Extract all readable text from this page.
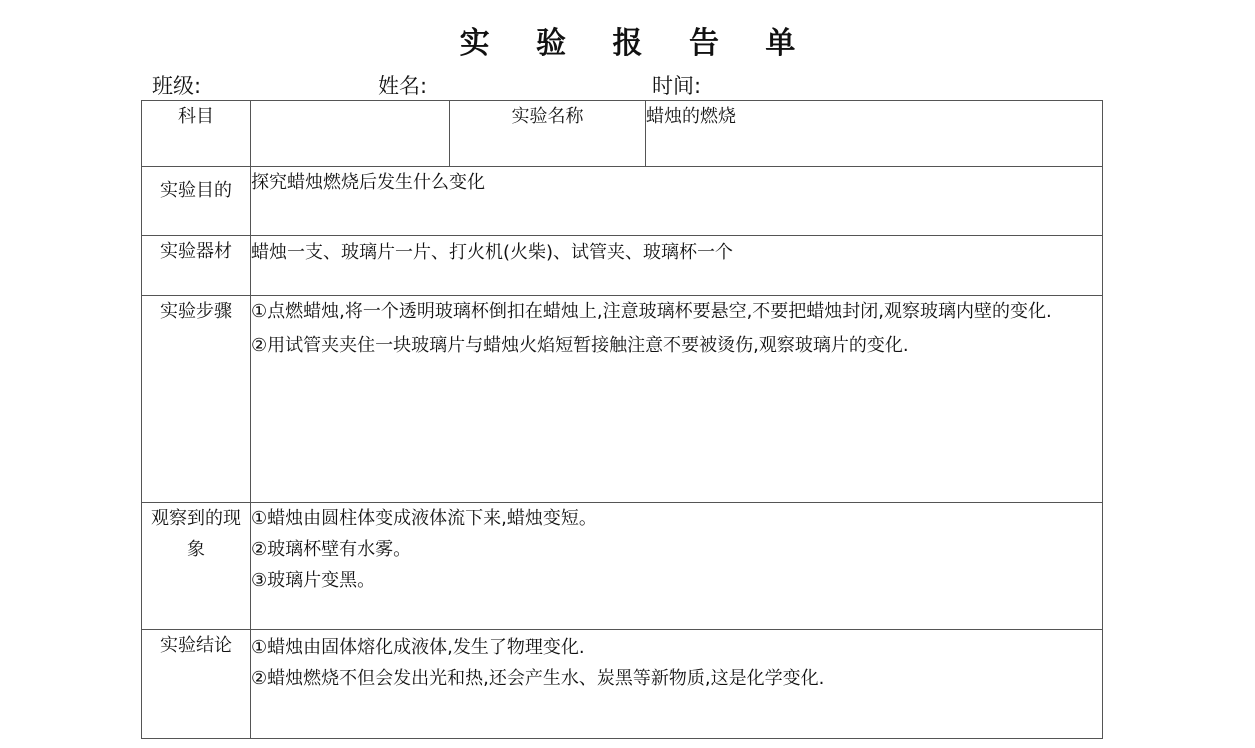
实 验 报 告 单
班级:	姓名:	时间:
科目		实验名称	蜡烛的燃烧
实验目的	探究蜡烛燃烧后发生什么变化		
实验器材	蜡烛一支、玻璃片一片、打火机(火柴)、试管夹、玻璃杯一个		
实验步骤	①点燃蜡烛,将一个透明玻璃杯倒扣在蜡烛上,注意玻璃杯要悬空,不要把蜡烛封闭,观察玻璃内壁的变化.
②用试管夹夹住一块玻璃片与蜡烛火焰短暂接触注意不要被烫伤,观察玻璃片的变化.		

观察到的现象	①蜡烛由圆柱体变成液体流下来,蜡烛变短。
②玻璃杯壁有水雾。
③玻璃片变黑。		

实验结论	①蜡烛由固体熔化成液体,发生了物理变化.
②蜡烛燃烧不但会发出光和热,还会产生水、炭黑等新物质,这是化学变化.		
